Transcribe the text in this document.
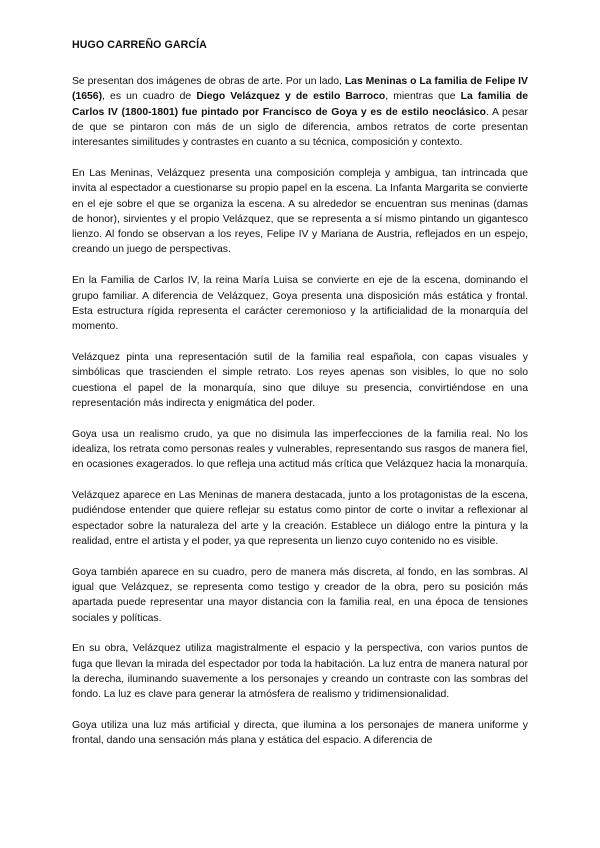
HUGO CARREÑO GARCÍA

Se presentan dos imágenes de obras de arte. Por un lado, Las Meninas o La familia de Felipe IV (1656), es un cuadro de Diego Velázquez y de estilo Barroco, mientras que La familia de Carlos IV (1800-1801) fue pintado por Francisco de Goya y es de estilo neoclásico. A pesar de que se pintaron con más de un siglo de diferencia, ambos retratos de corte presentan interesantes similitudes y contrastes en cuanto a su técnica, composición y contexto.

En Las Meninas, Velázquez presenta una composición compleja y ambigua, tan intrincada que invita al espectador a cuestionarse su propio papel en la escena. La Infanta Margarita se convierte en el eje sobre el que se organiza la escena. A su alrededor se encuentran sus meninas (damas de honor), sirvientes y el propio Velázquez, que se representa a sí mismo pintando un gigantesco lienzo. Al fondo se observan a los reyes, Felipe IV y Mariana de Austria, reflejados en un espejo, creando un juego de perspectivas.

En la Familia de Carlos IV, la reina María Luisa se convierte en eje de la escena, dominando el grupo familiar. A diferencia de Velázquez, Goya presenta una disposición más estática y frontal. Esta estructura rígida representa el carácter ceremonioso y la artificialidad de la monarquía del momento.

Velázquez pinta una representación sutil de la familia real española, con capas visuales y simbólicas que trascienden el simple retrato. Los reyes apenas son visibles, lo que no solo cuestiona el papel de la monarquía, sino que diluye su presencia, convirtiéndose en una representación más indirecta y enigmática del poder.

Goya usa un realismo crudo, ya que no disimula las imperfecciones de la familia real. No los idealiza, los retrata como personas reales y vulnerables, representando sus rasgos de manera fiel, en ocasiones exagerados. lo que refleja una actitud más crítica que Velázquez hacia la monarquía.

Velázquez aparece en Las Meninas de manera destacada, junto a los protagonistas de la escena, pudiéndose entender que quiere reflejar su estatus como pintor de corte o invitar a reflexionar al espectador sobre la naturaleza del arte y la creación. Establece un diálogo entre la pintura y la realidad, entre el artista y el poder, ya que representa un lienzo cuyo contenido no es visible.

Goya también aparece en su cuadro, pero de manera más discreta, al fondo, en las sombras. Al igual que Velázquez, se representa como testigo y creador de la obra, pero su posición más apartada puede representar una mayor distancia con la familia real, en una época de tensiones sociales y políticas.

En su obra, Velázquez utiliza magistralmente el espacio y la perspectiva, con varios puntos de fuga que llevan la mirada del espectador por toda la habitación. La luz entra de manera natural por la derecha, iluminando suavemente a los personajes y creando un contraste con las sombras del fondo. La luz es clave para generar la atmósfera de realismo y tridimensionalidad.

Goya utiliza una luz más artificial y directa, que ilumina a los personajes de manera uniforme y frontal, dando una sensación más plana y estática del espacio. A diferencia de
